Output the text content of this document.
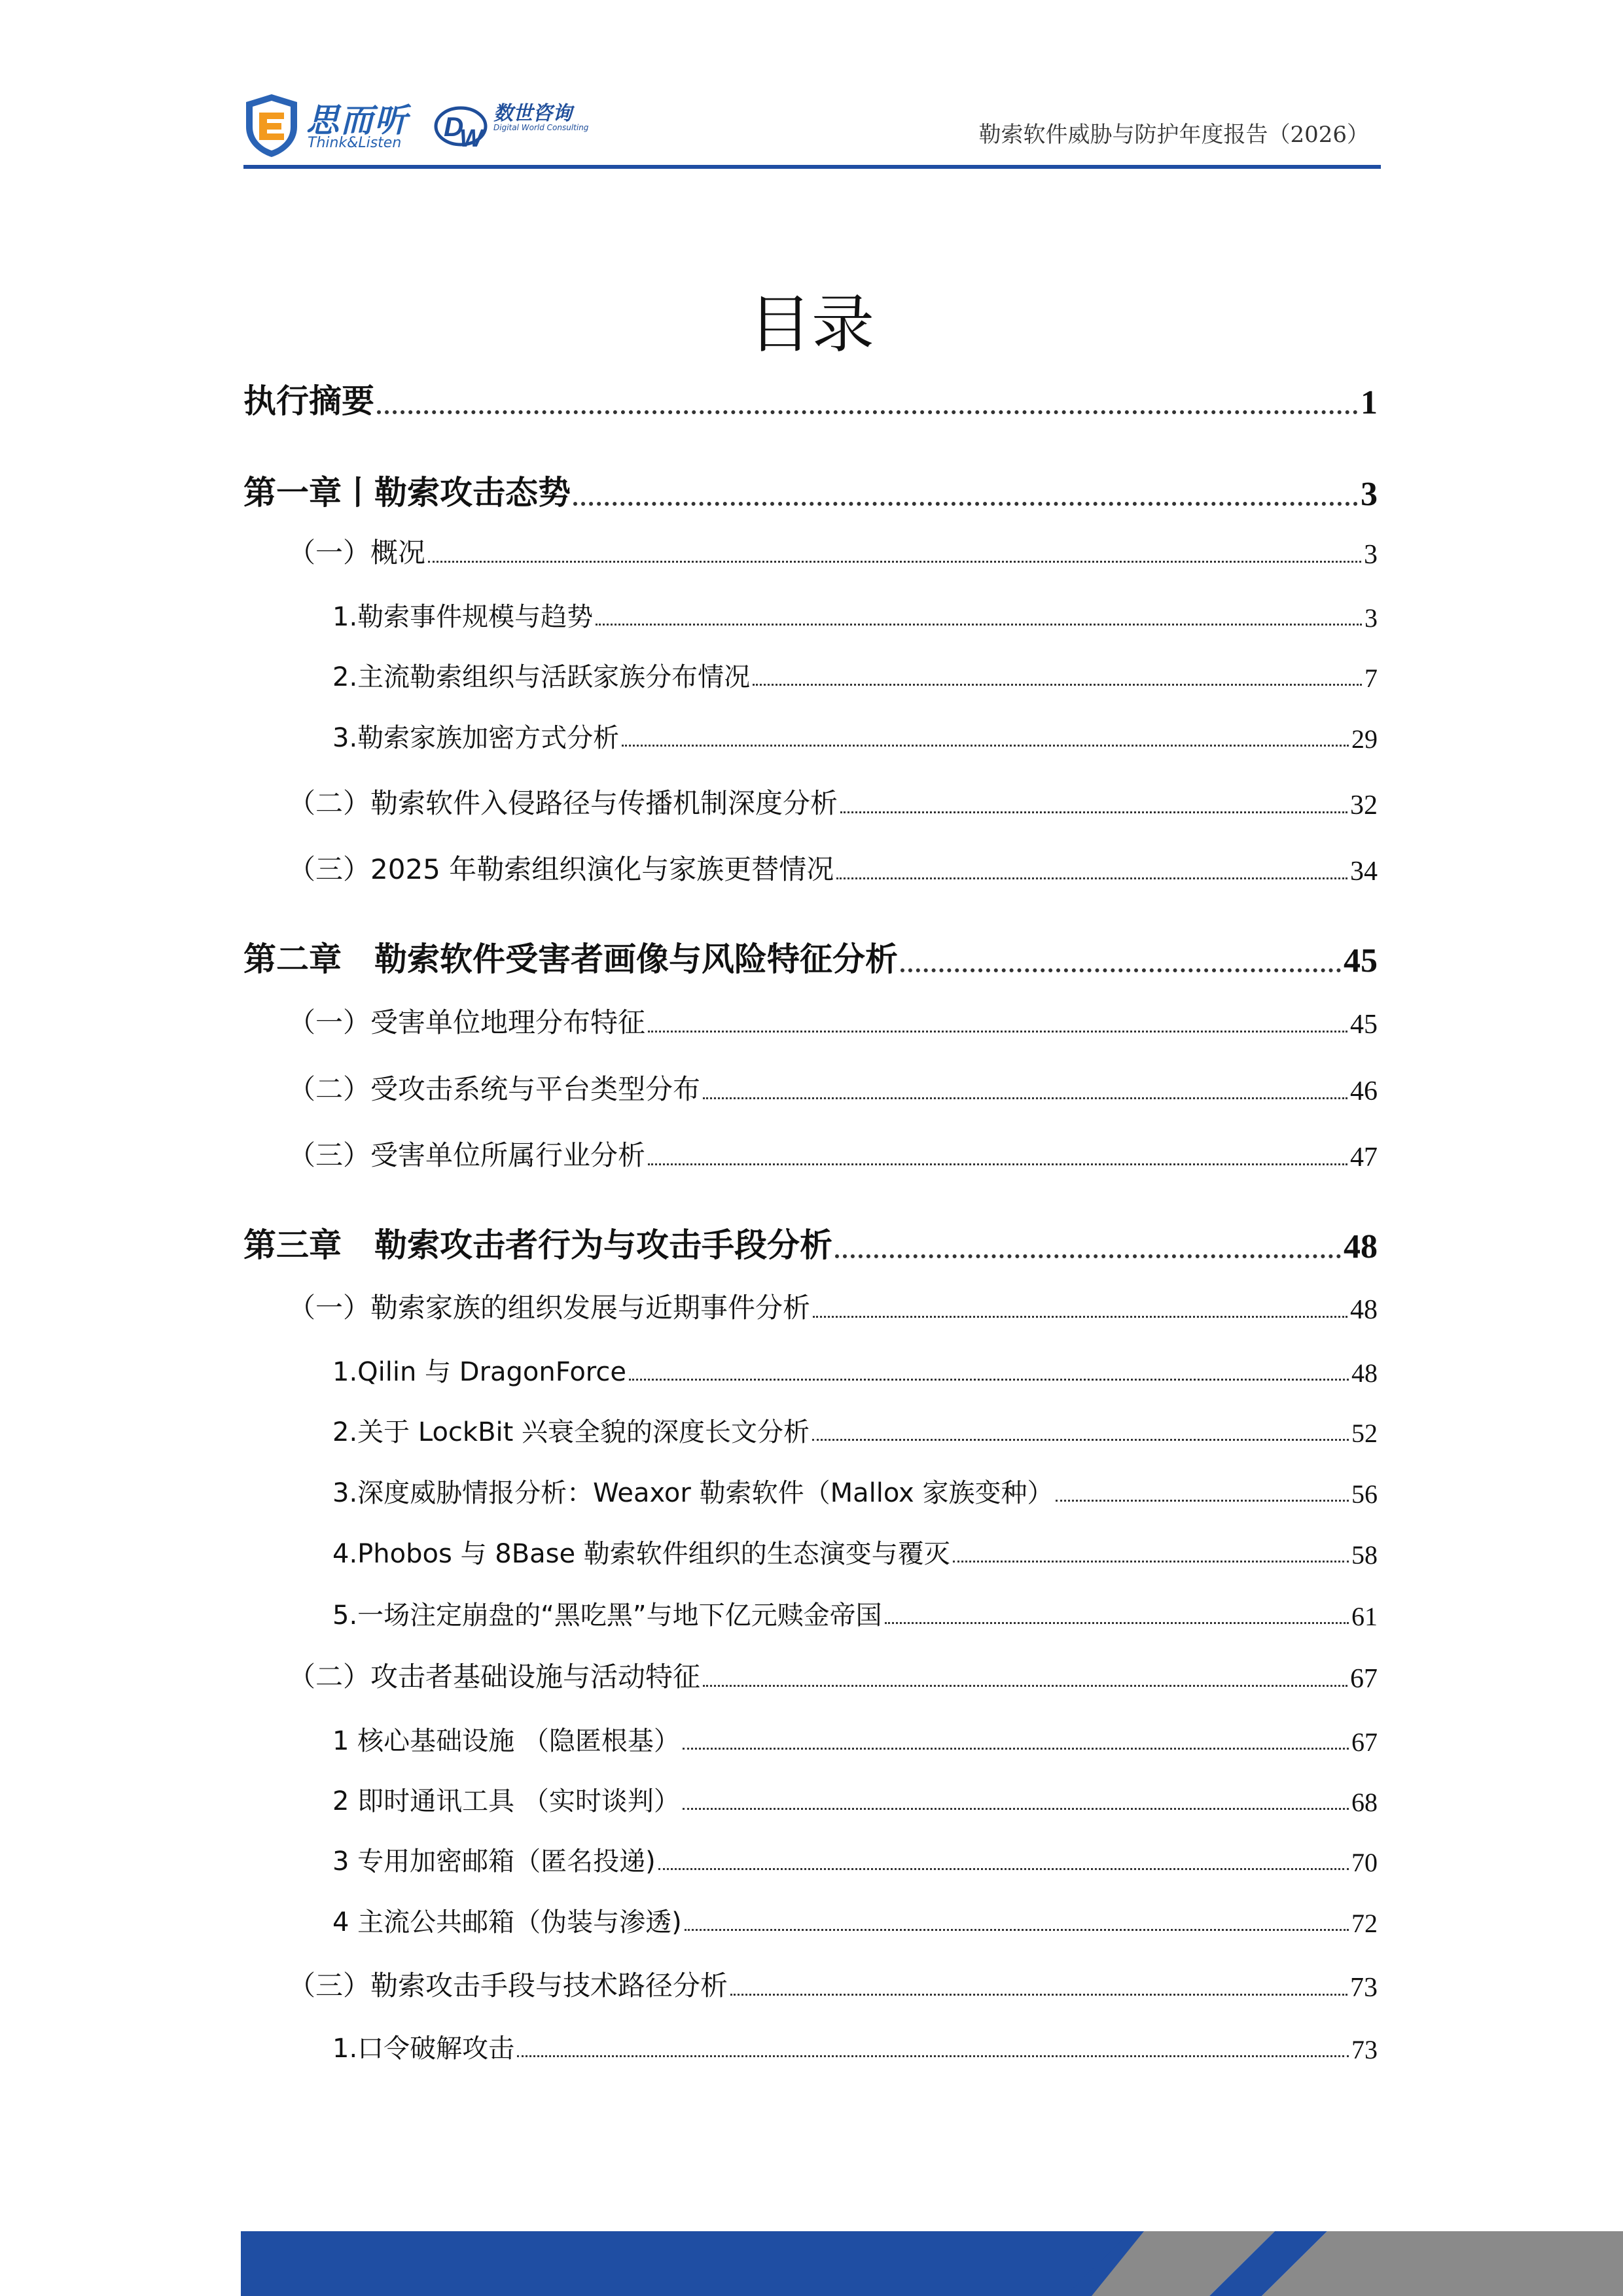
思而听
Think&Listen
D
W
数世咨询
Digital World Consulting	勒索软件威胁与防护年度报告（2026）
目录
执行摘要	1
第一章丨勒索攻击态势	3
（一）概况	3
1.勒索事件规模与趋势	3
2.主流勒索组织与活跃家族分布情况	7
3.勒索家族加密方式分析	29
（二）勒索软件入侵路径与传播机制深度分析	32
（三）2025 年勒索组织演化与家族更替情况	34
第二章　勒索软件受害者画像与风险特征分析	45
（一）受害单位地理分布特征	45
（二）受攻击系统与平台类型分布	46
（三）受害单位所属行业分析	47
第三章　勒索攻击者行为与攻击手段分析	48
（一）勒索家族的组织发展与近期事件分析	48
1.Qilin 与 DragonForce	48
2.关于 LockBit 兴衰全貌的深度长文分析	52
3.深度威胁情报分析：Weaxor 勒索软件（Mallox 家族变种）	56
4.Phobos 与 8Base 勒索软件组织的生态演变与覆灭	58
5.一场注定崩盘的“黑吃黑”与地下亿元赎金帝国	61
（二）攻击者基础设施与活动特征	67
1 核心基础设施 （隐匿根基）	67
2 即时通讯工具 （实时谈判）	68
3 专用加密邮箱（匿名投递)	70
4 主流公共邮箱（伪装与渗透)	72
（三）勒索攻击手段与技术路径分析	73
1.口令破解攻击	73
